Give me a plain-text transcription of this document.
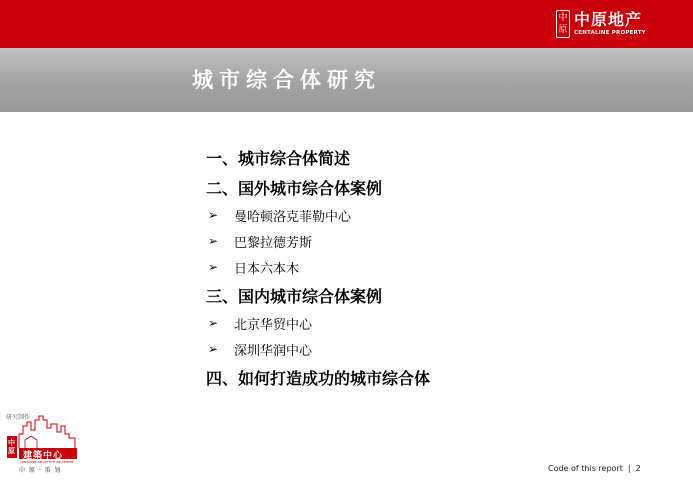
中原
中原地产
CENTALINE PROPERTY
城市综合体研究
一、城市综合体简述
二、国外城市综合体案例
➢	曼哈顿洛克菲勒中心
➢	巴黎拉德芳斯
➢	日本六本木
三、国内城市综合体案例
➢	北京华贸中心
➢	深圳华润中心
四、如何打造成功的城市综合体
研究制作
中原 建築中心
CENTALINE ARCHITECTURE CENTER
中 原 · 策 划	Code of this report | 2
